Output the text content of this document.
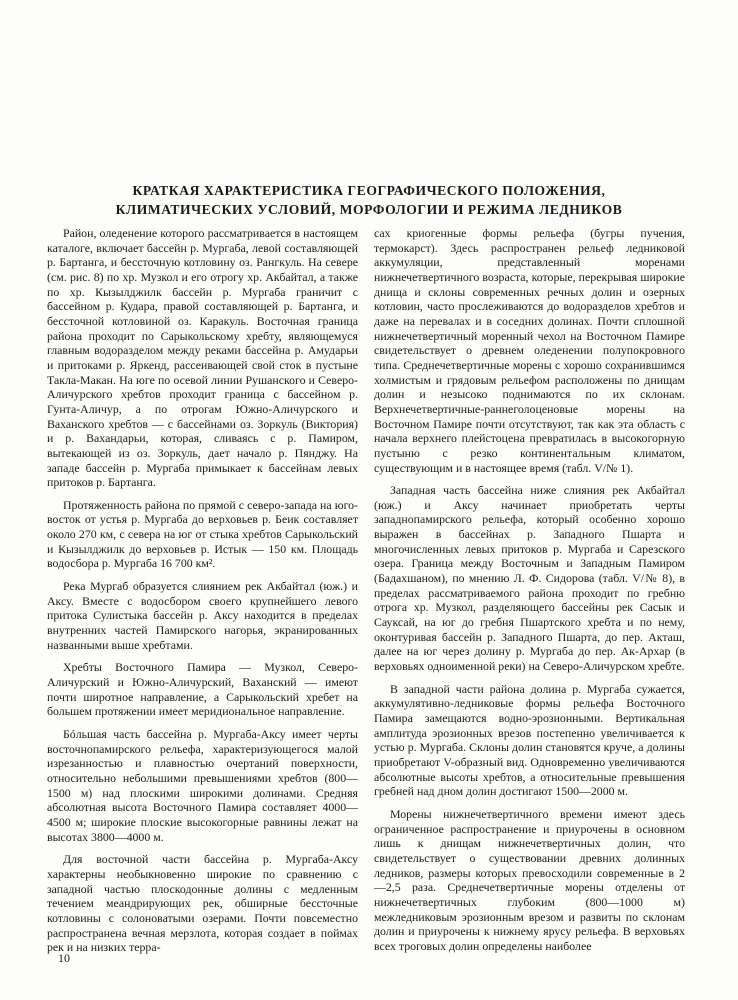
КРАТКАЯ ХАРАКТЕРИСТИКА ГЕОГРАФИЧЕСКОГО ПОЛОЖЕНИЯ,
КЛИМАТИЧЕСКИХ УСЛОВИЙ, МОРФОЛОГИИ И РЕЖИМА ЛЕДНИКОВ

Район, оледенение которого рассматривается в настоящем каталоге, включает бассейн р. Мургаба, левой составляющей р. Бартанга, и бессточную котловину оз. Рангкуль. На севере (см. рис. 8) по хр. Музкол и его отрогу хр. Акбайтал, а также по хр. Кызылджилк бассейн р. Мургаба граничит с бассейном р. Кудара, правой составляющей р. Бартанга, и бессточной котловиной оз. Каракуль. Восточная граница района проходит по Сарыкольскому хребту, являющемуся главным водоразделом между реками бассейна р. Амударьи и притоками р. Яркенд, рассеивающей свой сток в пустыне Такла-Макан. На юге по осевой линии Рушанского и Северо-Аличурского хребтов проходит граница с бассейном р. Гунта-Аличур, а по отрогам Южно-Аличурского и Ваханского хребтов — с бассейнами оз. Зоркуль (Виктория) и р. Вахандарьи, которая, сливаясь с р. Памиром, вытекающей из оз. Зоркуль, дает начало р. Пянджу. На западе бассейн р. Мургаба примыкает к бассейнам левых притоков р. Бартанга.

Протяженность района по прямой с северо-запада на юго-восток от устья р. Мургаба до верховьев р. Беик составляет около 270 км, с севера на юг от стыка хребтов Сарыкольский и Кызылджилк до верховьев р. Истык — 150 км. Площадь водосбора р. Мургаба 16 700 км².

Река Мургаб образуется слиянием рек Акбайтал (юж.) и Аксу. Вместе с водосбором своего крупнейшего левого притока Сулистыка бассейн р. Аксу находится в пределах внутренних частей Памирского нагорья, экранированных названными выше хребтами.

Хребты Восточного Памира — Музкол, Северо-Аличурский и Южно-Аличурский, Ваханский — имеют почти широтное направление, а Сарыкольский хребет на большем протяжении имеет меридиональное направление.

Бóльшая часть бассейна р. Мургаба-Аксу имеет черты восточнопамирского рельефа, характеризующегося малой изрезанностью и плавностью очертаний поверхности, относительно небольшими превышениями хребтов (800—1500 м) над плоскими широкими долинами. Средняя абсолютная высота Восточного Памира составляет 4000—4500 м; широкие плоские высокогорные равнины лежат на высотах 3800—4000 м.

Для восточной части бассейна р. Мургаба-Аксу характерны необыкновенно широкие по сравнению с западной частью плоскодонные долины с медленным течением меандрирующих рек, обширные бессточные котловины с солоноватыми озерами. Почти повсеместно распространена вечная мерзлота, которая создает в поймах рек и на низких терра-

сах криогенные формы рельефа (бугры пучения, термокарст). Здесь распространен рельеф ледниковой аккумуляции, представленный моренами нижнечетвертичного возраста, которые, перекрывая широкие днища и склоны современных речных долин и озерных котловин, часто прослеживаются до водоразделов хребтов и даже на перевалах и в соседних долинах. Почти сплошной нижнечетвертичный моренный чехол на Восточном Памире свидетельствует о древнем оледенении полупокровного типа. Среднечетвертичные морены с хорошо сохранившимся холмистым и грядовым рельефом расположены по днищам долин и незысоко поднимаются по их склонам. Верхнечетвертичные-раннеголоценовые морены на Восточном Памире почти отсутствуют, так как эта область с начала верхнего плейстоцена превратилась в высокогорную пустыню с резко континентальным климатом, существующим и в настоящее время (табл. V/№ 1).

Западная часть бассейна ниже слияния рек Акбайтал (юж.) и Аксу начинает приобретать черты западнопамирского рельефа, который особенно хорошо выражен в бассейнах р. Западного Пшарта и многочисленных левых притоков р. Мургаба и Сарезского озера. Граница между Восточным и Западным Памиром (Бадахшаном), по мнению Л. Ф. Сидорова (табл. V/№ 8), в пределах рассматриваемого района проходит по гребню отрога хр. Музкол, разделяющего бассейны рек Сасык и Сауксай, на юг до гребня Пшартского хребта и по нему, оконтуривая бассейн р. Западного Пшарта, до пер. Акташ, далее на юг через долину р. Мургаба до пер. Ак-Архар (в верховьях одноименной реки) на Северо-Аличурском хребте.

В западной части района долина р. Мургаба сужается, аккумулятивно-ледниковые формы рельефа Восточного Памира замещаются водно-эрозионными. Вертикальная амплитуда эрозионных врезов постепенно увеличивается к устью р. Мургаба. Склоны долин становятся круче, а долины приобретают V-образный вид. Одновременно увеличиваются абсолютные высоты хребтов, а относительные превышения гребней над дном долин достигают 1500—2000 м.

Морены нижнечетвертичного времени имеют здесь ограниченное распространение и приурочены в основном лишь к днищам нижнечетвертичных долин, что свидетельствует о существовании древних долинных ледников, размеры которых превосходили современные в 2—2,5 раза. Среднечетвертичные морены отделены от нижнечетвертичных глубоким (800—1000 м) межледниковым эрозионным врезом и развиты по склонам долин и приурочены к нижнему ярусу рельефа. В верховьях всех троговых долин определены наиболее

10
